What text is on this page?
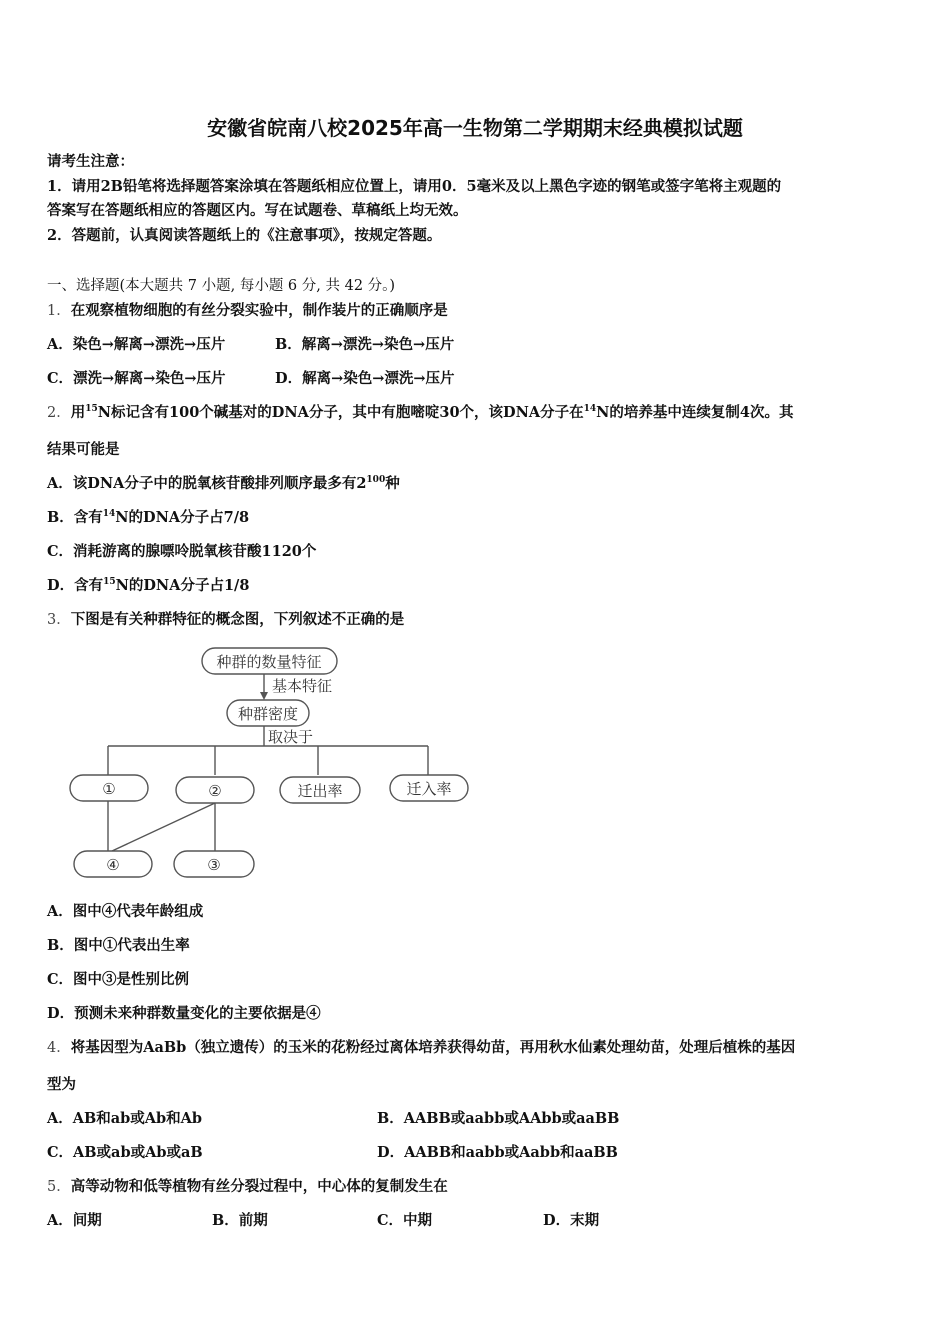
安徽省皖南八校2025年高一生物第二学期期末经典模拟试题
请考生注意：
1．请用2B铅笔将选择题答案涂填在答题纸相应位置上，请用0．5毫米及以上黑色字迹的钢笔或签字笔将主观题的
答案写在答题纸相应的答题区内。写在试题卷、草稿纸上均无效。
2．答题前，认真阅读答题纸上的《注意事项》，按规定答题。
一、选择题(本大题共 7 小题, 每小题 6 分, 共 42 分。)
1．在观察植物细胞的有丝分裂实验中，制作装片的正确顺序是
A．染色→解离→漂洗→压片	B．解离→漂洗→染色→压片
C．漂洗→解离→染色→压片	D．解离→染色→漂洗→压片
2．用$^{15}$N标记含有100个碱基对的DNA分子，其中有胞嘧啶30个，该DNA分子在$^{14}$N的培养基中连续复制4次。其
结果可能是
A．该DNA分子中的脱氧核苷酸排列顺序最多有$2^{100}$种
B．含有$^{14}$N的DNA分子占7/8
C．消耗游离的腺嘌呤脱氧核苷酸1120个
D．含有$^{15}$N的DNA分子占1/8
3．下图是有关种群特征的概念图，下列叙述不正确的是
种群的数量特征
基本特征
种群密度
取决于
①	②	迁出率	迁入率
④	③
A．图中④代表年龄组成
B．图中①代表出生率
C．图中③是性别比例
D．预测未来种群数量变化的主要依据是④
4．将基因型为AaBb（独立遗传）的玉米的花粉经过离体培养获得幼苗，再用秋水仙素处理幼苗，处理后植株的基因
型为
A．AB和ab或Ab和Ab	B．AABB或aabb或AAbb或aaBB
C．AB或ab或Ab或aB	D．AABB和aabb或Aabb和aaBB
5．高等动物和低等植物有丝分裂过程中，中心体的复制发生在
A．间期	B．前期	C．中期	D．末期
